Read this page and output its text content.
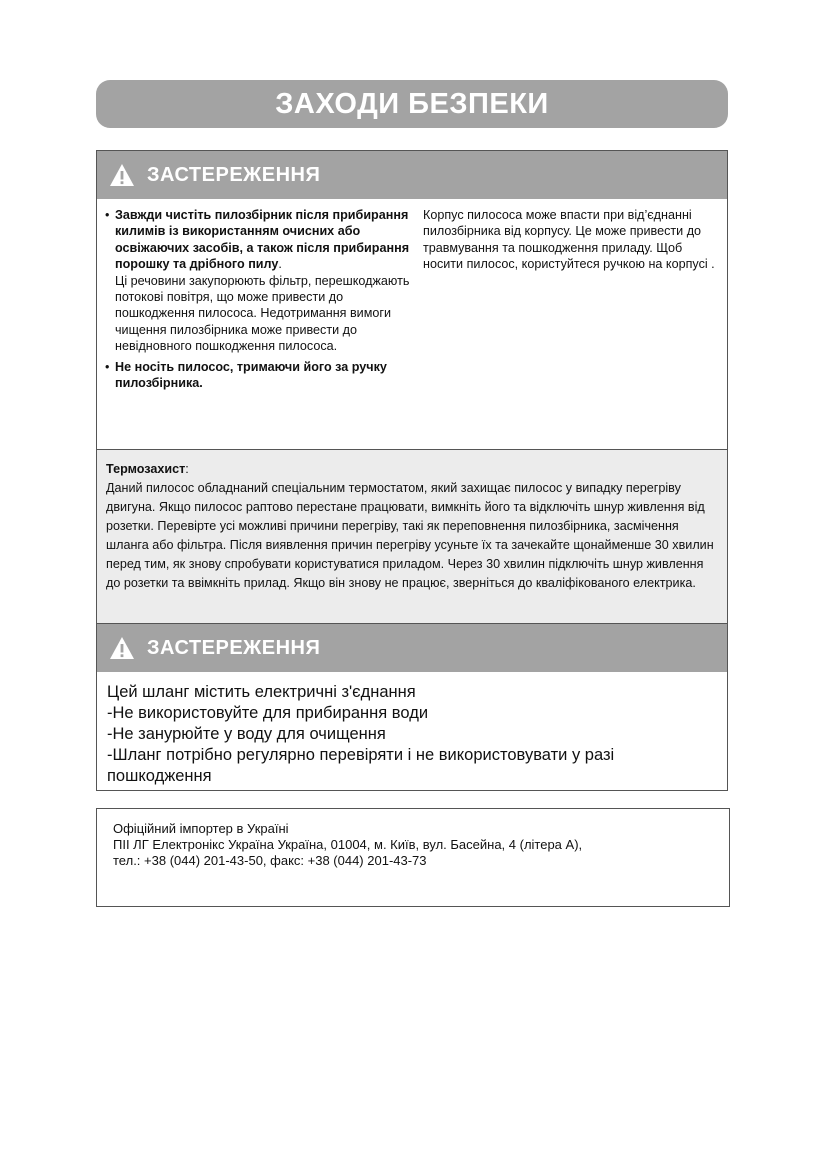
ЗАХОДИ БЕЗПЕКИ
ЗАСТЕРЕЖЕННЯ
• Завжди чистіть пилозбірник після прибирання килимів із використанням очисних або освіжаючих засобів, а також після прибирання порошку та дрібного пилу.
Ці речовини закупорюють фільтр, перешкоджають потокові повітря, що може привести до пошкодження пилососа. Недотримання вимоги чищення пилозбірника може привести до невідновного пошкодження пилососа.
• Не носіть пилосос, тримаючи його за ручку пилозбірника.
Корпус пилососа може впасти при від’єднанні пилозбірника від корпусу. Це може привести до травмування та пошкодження приладу. Щоб носити пилосос, користуйтеся ручкою на корпусі .

Термозахист:

Даний пилосос обладнаний спеціальним термостатом, який захищає пилосос у випадку перегріву двигуна. Якщо пилосос раптово перестане працювати, вимкніть його та відключіть шнур живлення від розетки. Перевірте усі можливі причини перегріву, такі як переповнення пилозбірника, засмічення шланга або фільтра. Після виявлення причин перегріву усуньте їх та зачекайте щонайменше 30 хвилин перед тим, як знову спробувати користуватися приладом. Через 30 хвилин підключіть шнур живлення до розетки та ввімкніть прилад. Якщо він знову не працює, зверніться до кваліфікованого електрика.

ЗАСТЕРЕЖЕННЯ
Цей шланг містить електричні з'єднання
-Не використовуйте для прибирання води
-Не занурюйте у воду для очищення
-Шланг потрібно регулярно перевіряти і не використовувати у разі
пошкодження
Офіційний імпортер в Україні
ПІІ ЛГ Електронікс Україна Україна, 01004, м. Київ, вул. Басейна, 4 (літера А),
тел.: +38 (044) 201-43-50, факс: +38 (044) 201-43-73
